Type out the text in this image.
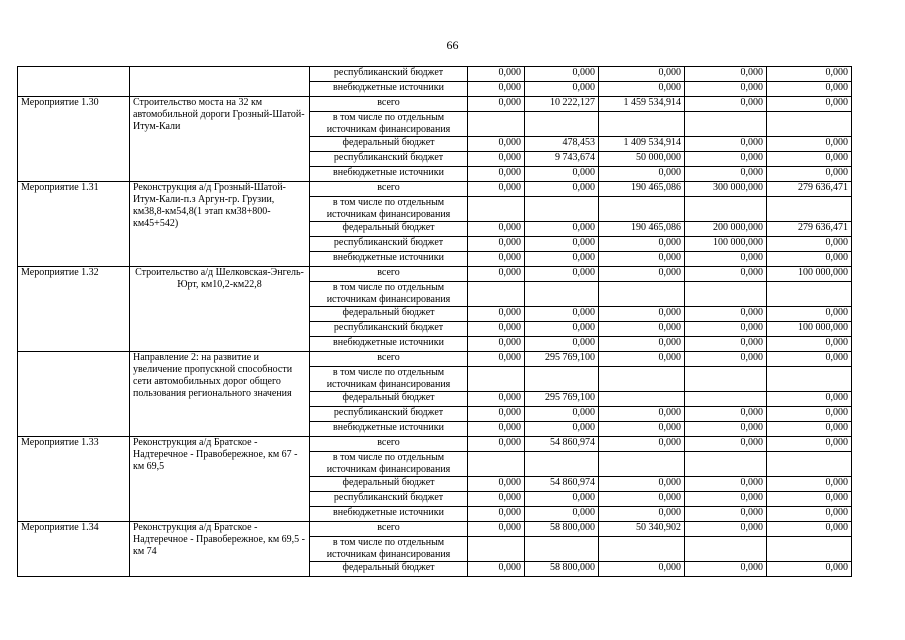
66
		республиканский бюджет	0,000	0,000	0,000	0,000	0,000
		внебюджетные источники	0,000	0,000	0,000	0,000	0,000
Мероприятие 1.30	Строительство моста на 32 км автомобильной дороги Грозный-Шатой-Итум-Кали	всего	0,000	10 222,127	1 459 534,914	0,000	0,000
		в том числе по отдельным источникам финансирования					
		федеральный бюджет	0,000	478,453	1 409 534,914	0,000	0,000
		республиканский бюджет	0,000	9 743,674	50 000,000	0,000	0,000
		внебюджетные источники	0,000	0,000	0,000	0,000	0,000
Мероприятие 1.31	Реконструкция а/д Грозный-Шатой-Итум-Кали-п.з Аргун-гр. Грузии, км38,8-км54,8(1 этап км38+800-км45+542)	всего	0,000	0,000	190 465,086	300 000,000	279 636,471
		в том числе по отдельным источникам финансирования					
		федеральный бюджет	0,000	0,000	190 465,086	200 000,000	279 636,471
		республиканский бюджет	0,000	0,000	0,000	100 000,000	0,000
		внебюджетные источники	0,000	0,000	0,000	0,000	0,000
Мероприятие 1.32	Строительство а/д Шелковская-Энгель-Юрт, км10,2-км22,8	всего	0,000	0,000	0,000	0,000	100 000,000
		в том числе по отдельным источникам финансирования					
		федеральный бюджет	0,000	0,000	0,000	0,000	0,000
		республиканский бюджет	0,000	0,000	0,000	0,000	100 000,000
		внебюджетные источники	0,000	0,000	0,000	0,000	0,000
	Направление 2: на развитие и увеличение пропускной способности сети автомобильных дорог общего пользования регионального значения	всего	0,000	295 769,100	0,000	0,000	0,000
		в том числе по отдельным источникам финансирования					
		федеральный бюджет	0,000	295 769,100			0,000
		республиканский бюджет	0,000	0,000	0,000	0,000	0,000
		внебюджетные источники	0,000	0,000	0,000	0,000	0,000
Мероприятие 1.33	Реконструкция а/д Братское - Надтеречное - Правобережное, км 67 - км 69,5	всего	0,000	54 860,974	0,000	0,000	0,000
		в том числе по отдельным источникам финансирования					
		федеральный бюджет	0,000	54 860,974	0,000	0,000	0,000
		республиканский бюджет	0,000	0,000	0,000	0,000	0,000
		внебюджетные источники	0,000	0,000	0,000	0,000	0,000
Мероприятие 1.34	Реконструкция а/д Братское - Надтеречное - Правобережное, км 69,5 - км 74	всего	0,000	58 800,000	50 340,902	0,000	0,000
		в том числе по отдельным источникам финансирования					
		федеральный бюджет	0,000	58 800,000	0,000	0,000	0,000
